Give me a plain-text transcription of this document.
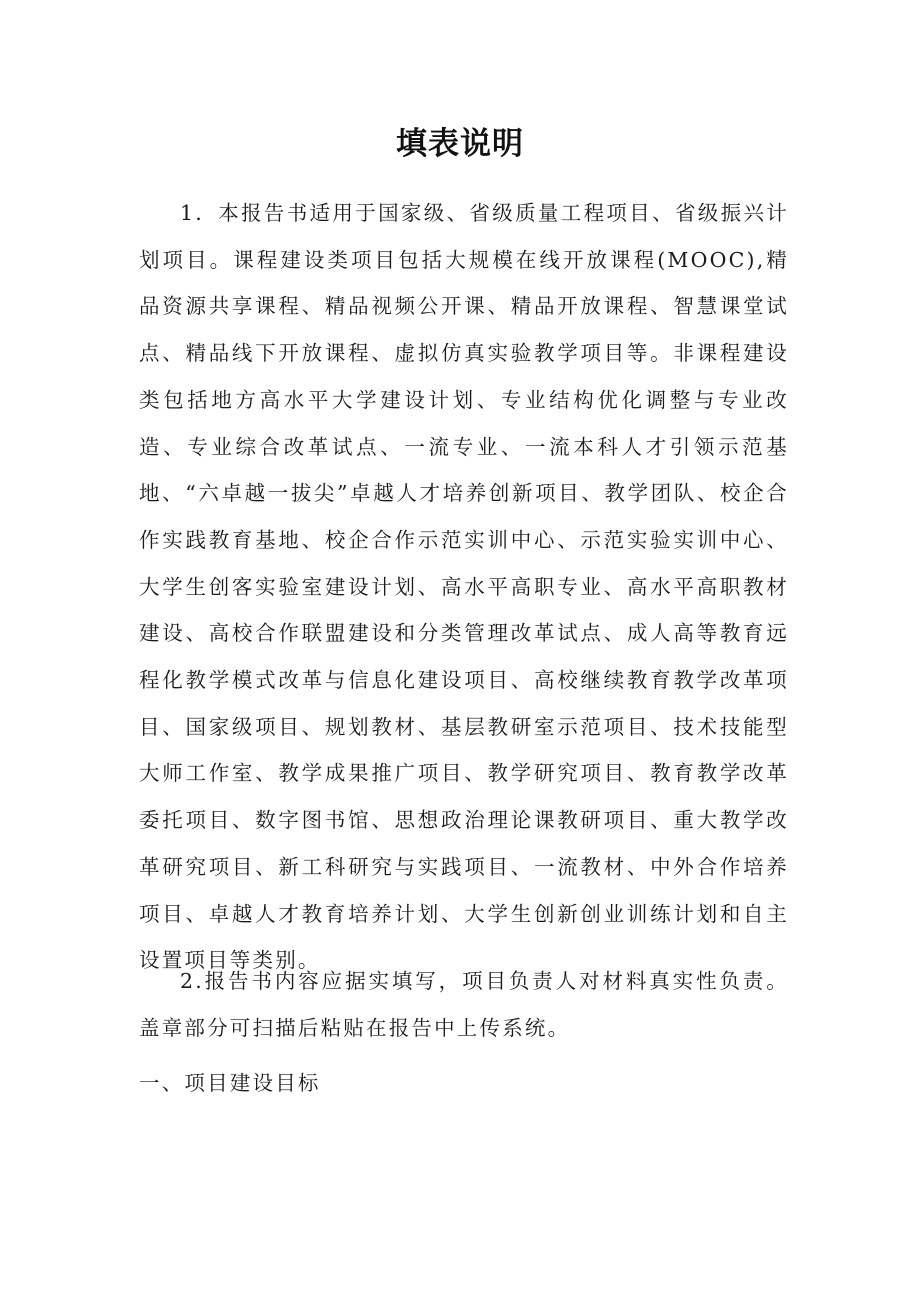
填表说明

1．本报告书适用于国家级、省级质量工程项目、省级振兴计划项目。课程建设类项目包括大规模在线开放课程(MOOC),精品资源共享课程、精品视频公开课、精品开放课程、智慧课堂试点、精品线下开放课程、虚拟仿真实验教学项目等。非课程建设类包括地方高水平大学建设计划、专业结构优化调整与专业改造、专业综合改革试点、一流专业、一流本科人才引领示范基地、“六卓越一拔尖”卓越人才培养创新项目、教学团队、校企合作实践教育基地、校企合作示范实训中心、示范实验实训中心、大学生创客实验室建设计划、高水平高职专业、高水平高职教材建设、高校合作联盟建设和分类管理改革试点、成人高等教育远程化教学模式改革与信息化建设项目、高校继续教育教学改革项目、国家级项目、规划教材、基层教研室示范项目、技术技能型大师工作室、教学成果推广项目、教学研究项目、教育教学改革委托项目、数字图书馆、思想政治理论课教研项目、重大教学改革研究项目、新工科研究与实践项目、一流教材、中外合作培养项目、卓越人才教育培养计划、大学生创新创业训练计划和自主设置项目等类别。

2.报告书内容应据实填写，项目负责人对材料真实性负责。盖章部分可扫描后粘贴在报告中上传系统。

一、项目建设目标
